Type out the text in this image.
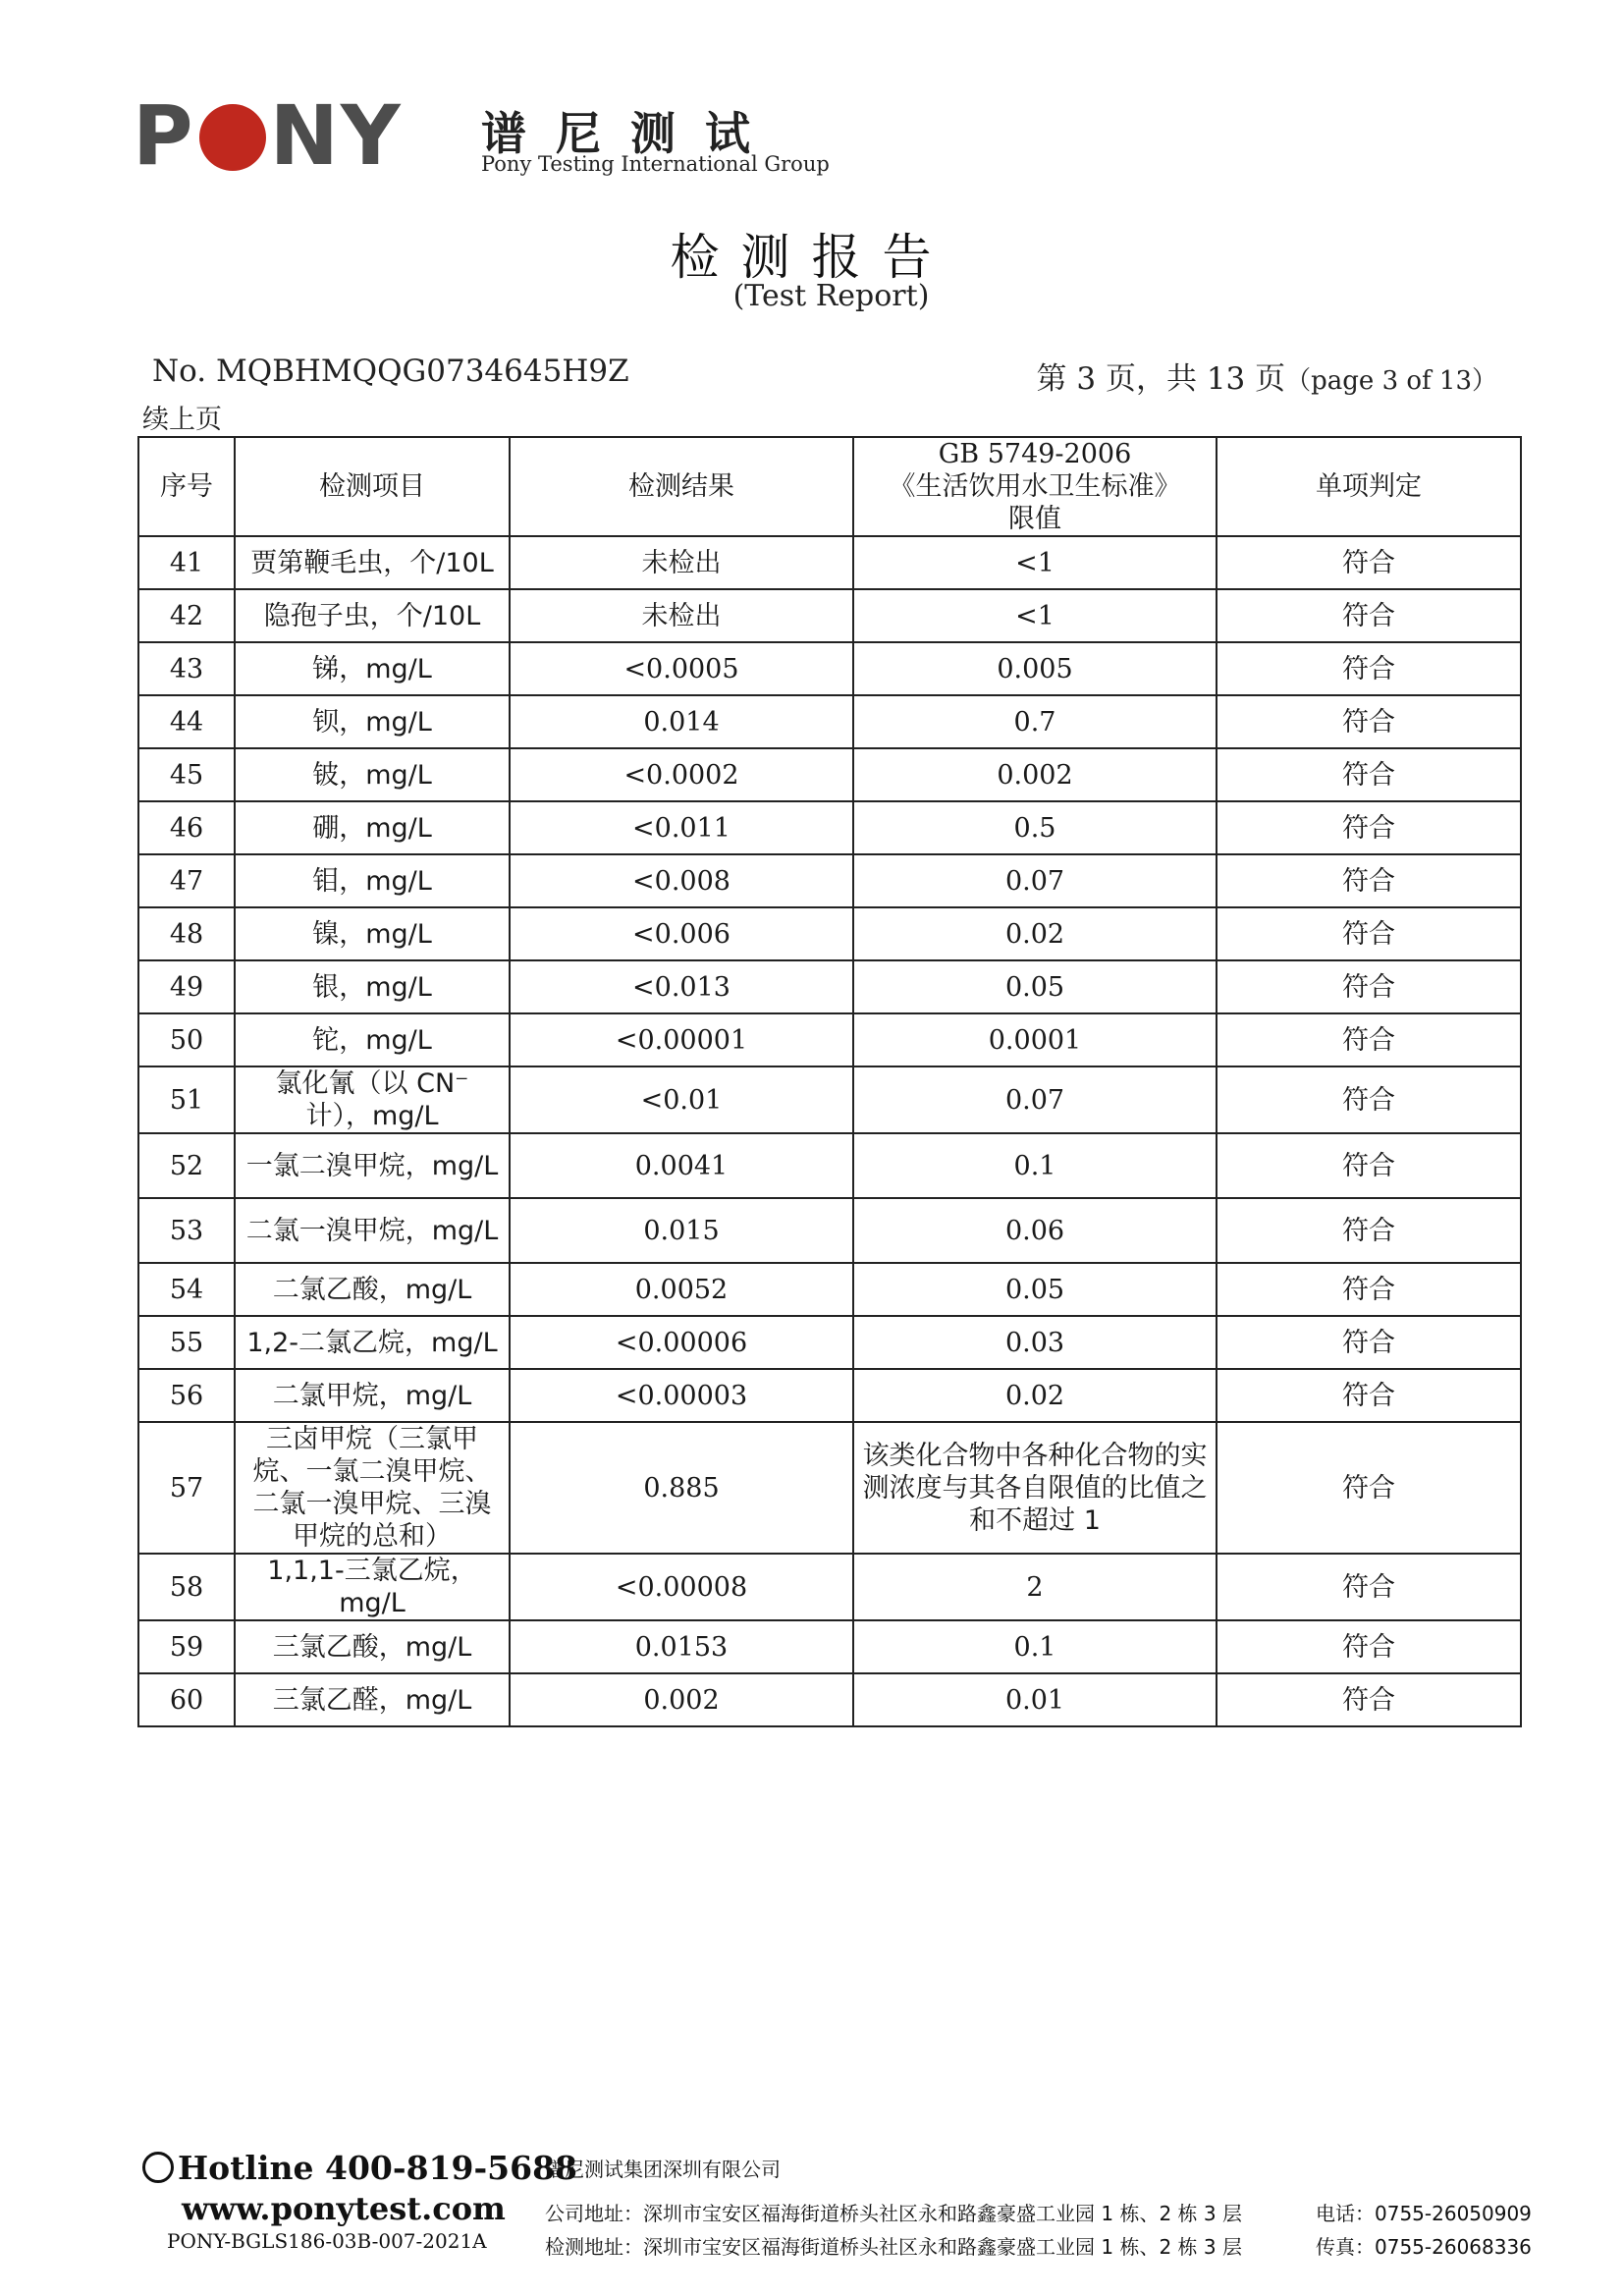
P NY 谱尼测试
Pony Testing International Group
检测报告
(Test Report)
No. MQBHMQQG0734645H9Z	第 3 页，共 13 页（page 3 of 13）
续上页
序号	检测项目	检测结果	GB 5749-2006
《生活饮用水卫生标准》
限值	单项判定
41	贾第鞭毛虫，个/10L	未检出	<1	符合
42	隐孢子虫，个/10L	未检出	<1	符合
43	锑，mg/L	<0.0005	0.005	符合
44	钡，mg/L	0.014	0.7	符合
45	铍，mg/L	<0.0002	0.002	符合
46	硼，mg/L	<0.011	0.5	符合
47	钼，mg/L	<0.008	0.07	符合
48	镍，mg/L	<0.006	0.02	符合
49	银，mg/L	<0.013	0.05	符合
50	铊，mg/L	<0.00001	0.0001	符合
51	氯化氰（以 CN⁻ 计），mg/L	<0.01	0.07	符合
52	一氯二溴甲烷，mg/L	0.0041	0.1	符合
53	二氯一溴甲烷，mg/L	0.015	0.06	符合
54	二氯乙酸，mg/L	0.0052	0.05	符合
55	1,2-二氯乙烷，mg/L	<0.00006	0.03	符合
56	二氯甲烷，mg/L	<0.00003	0.02	符合
57	三卤甲烷（三氯甲烷、一氯二溴甲烷、二氯一溴甲烷、三溴甲烷的总和）	0.885	该类化合物中各种化合物的实测浓度与其各自限值的比值之和不超过 1	符合
58	1,1,1-三氯乙烷，mg/L	<0.00008	2	符合
59	三氯乙酸，mg/L	0.0153	0.1	符合
60	三氯乙醛，mg/L	0.002	0.01	符合
Hotline 400-819-5688
www.ponytest.com
PONY-BGLS186-03B-007-2021A
谱尼测试集团深圳有限公司
公司地址：深圳市宝安区福海街道桥头社区永和路鑫豪盛工业园 1 栋、2 栋 3 层
检测地址：深圳市宝安区福海街道桥头社区永和路鑫豪盛工业园 1 栋、2 栋 3 层
电话：0755-26050909
传真：0755-26068336
